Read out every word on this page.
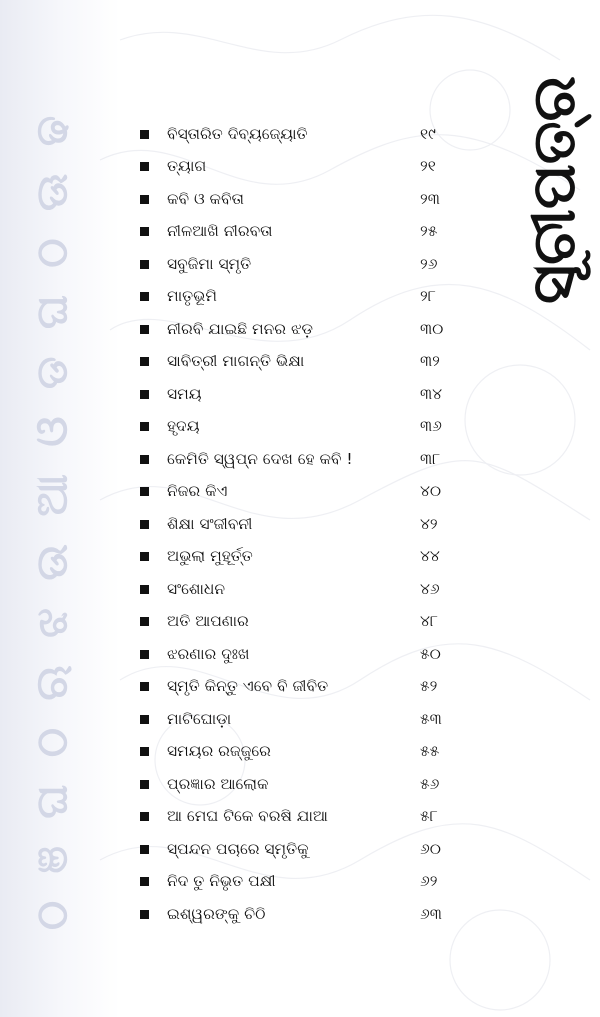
ଠ ଞ ଘ ଠ ଋ ଝ ଉ ଆ ଓ ଡ ଘ ଠ ଊ ଢ	ସୂଚୀପତ୍ର
ବିସ୍ତାରିତ ଦିବ୍ୟଜ୍ୟୋତି	୧୯
ତ୍ୟାଗ	୨୧
କବି ଓ କବିତା	୨୩
ନୀଳଆଖି ନୀରବତା	୨୫
ସବୁଜିମା ସ୍ମୃତି	୨୬
ମାତୃଭୂମି	୨୮
ନୀରବି ଯାଇଛି ମନର ଝଡ଼	୩୦
ସାବିତ୍ରୀ ମାଗନ୍ତି ଭିକ୍ଷା	୩୨
ସମୟ	୩୪
ହୃଦୟ	୩୬
କେମିତି ସ୍ୱପ୍ନ ଦେଖ ହେ କବି !	୩୮
ନିଜର କିଏ	୪୦
ଶିକ୍ଷା ସଂଜୀବନୀ	୪୨
ଅଭୁଲା ମୁହୂର୍ତ୍ତ	୪୪
ସଂଶୋଧନ	୪୬
ଅତି ଆପଣାର	୪୮
ଝରଣାର ଦୁଃଖ	୫୦
ସ୍ମୃତି କିନ୍ତୁ ଏବେ ବି ଜୀବିତ	୫୨
ମାଟିଘୋଡ଼ା	୫୩
ସମୟର ରଜ୍ଜୁରେ	୫୫
ପ୍ରଜ୍ଞାର ଆଲୋକ	୫୬
ଆ ମେଘ ଟିକେ ବରଷି ଯାଆ	୫୮
ସ୍ପନ୍ଦନ ପଚାରେ ସ୍ମୃତିକୁ	୬୦
ନିଦ ତୁ ନିଭୃତ ପକ୍ଷୀ	୬୨
ଇଶ୍ୱରଙ୍କୁ ଚିଠି	୬୩
